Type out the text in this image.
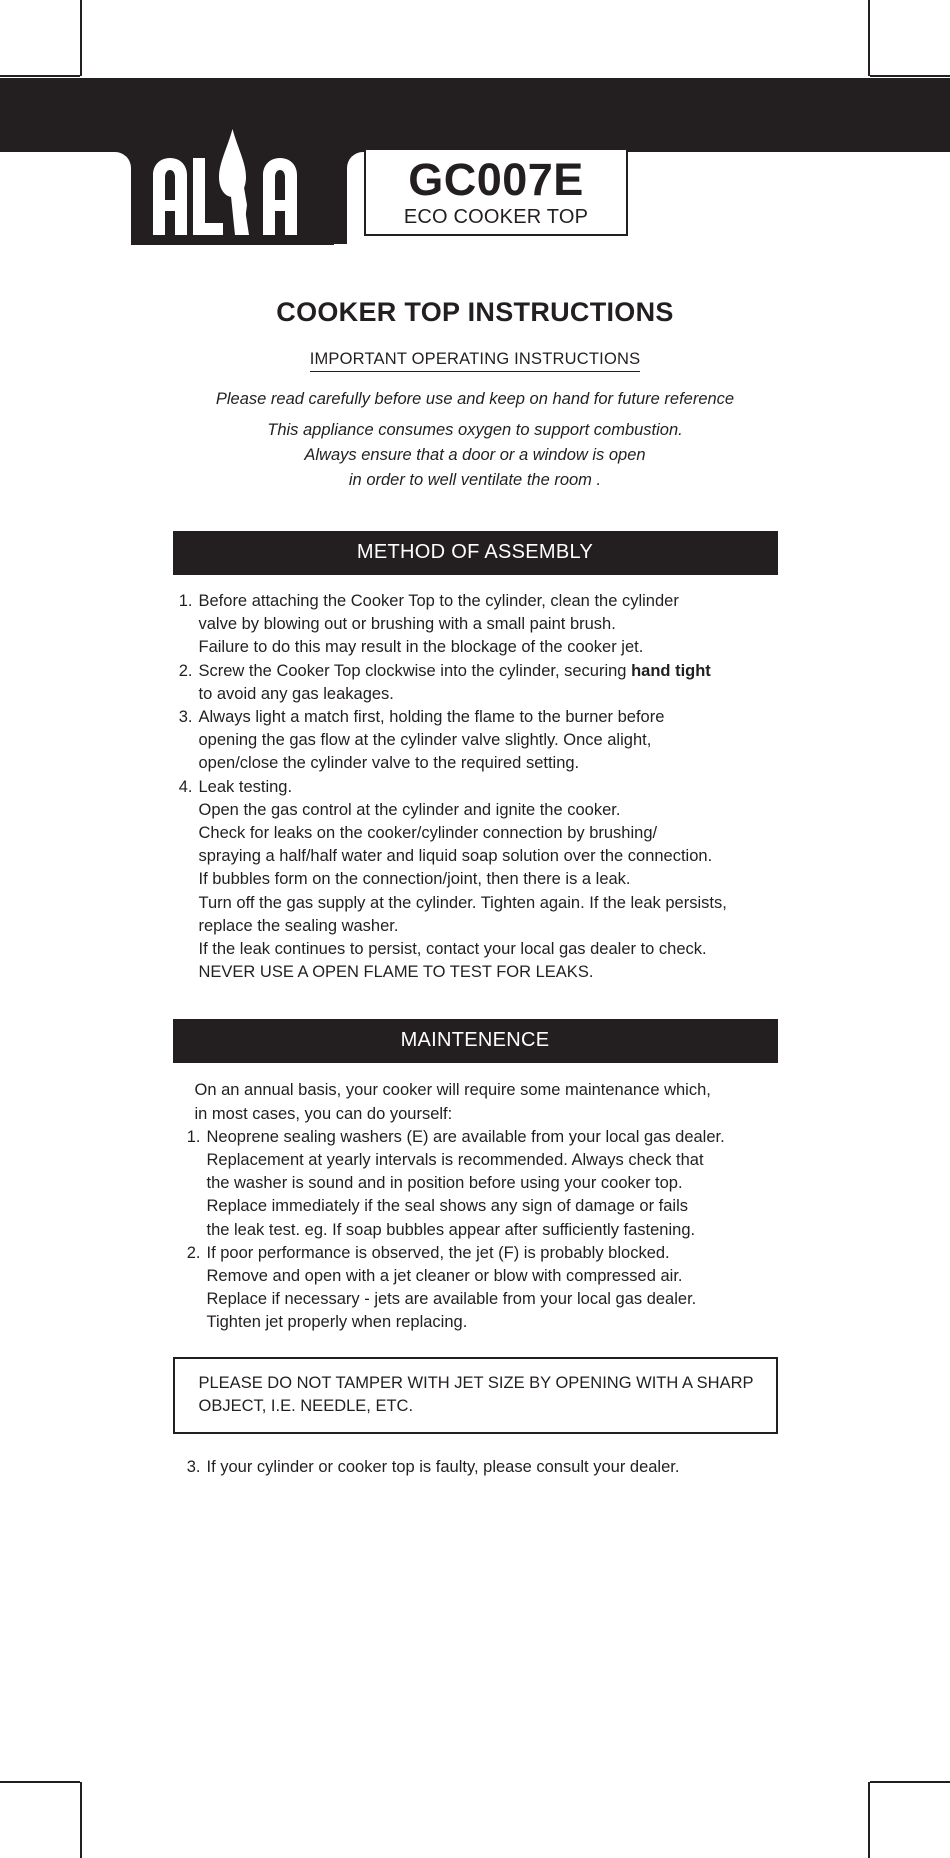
GC007E
ECO COOKER TOP
COOKER TOP INSTRUCTIONS
IMPORTANT OPERATING INSTRUCTIONS
Please read carefully before use and keep on hand for future reference
This appliance consumes oxygen to support combustion.
Always ensure that a door or a window is open
in order to well ventilate the room .
METHOD OF ASSEMBLY
1. Before attaching the Cooker Top to the cylinder, clean the cylinder
valve by blowing out or brushing with a small paint brush.
Failure to do this may result in the blockage of the cooker jet.
2. Screw the Cooker Top clockwise into the cylinder, securing hand tight
to avoid any gas leakages.
3. Always light a match first, holding the flame to the burner before
opening the gas flow at the cylinder valve slightly. Once alight,
open/close the cylinder valve to the required setting.
4. Leak testing.
Open the gas control at the cylinder and ignite the cooker.
Check for leaks on the cooker/cylinder connection by brushing/
spraying a half/half water and liquid soap solution over the connection.
If bubbles form on the connection/joint, then there is a leak.
Turn off the gas supply at the cylinder. Tighten again. If the leak persists,
replace the sealing washer.
If the leak continues to persist, contact your local gas dealer to check.
NEVER USE A OPEN FLAME TO TEST FOR LEAKS.
MAINTENENCE
On an annual basis, your cooker will require some maintenance which,
in most cases, you can do yourself:
1. Neoprene sealing washers (E) are available from your local gas dealer.
Replacement at yearly intervals is recommended. Always check that
the washer is sound and in position before using your cooker top.
Replace immediately if the seal shows any sign of damage or fails
the leak test. eg. If soap bubbles appear after sufficiently fastening.
2. If poor performance is observed, the jet (F) is probably blocked.
Remove and open with a jet cleaner or blow with compressed air.
Replace if necessary - jets are available from your local gas dealer.
Tighten jet properly when replacing.
PLEASE DO NOT TAMPER WITH JET SIZE BY OPENING WITH A SHARP
OBJECT, I.E. NEEDLE, ETC.
3. If your cylinder or cooker top is faulty, please consult your dealer.
